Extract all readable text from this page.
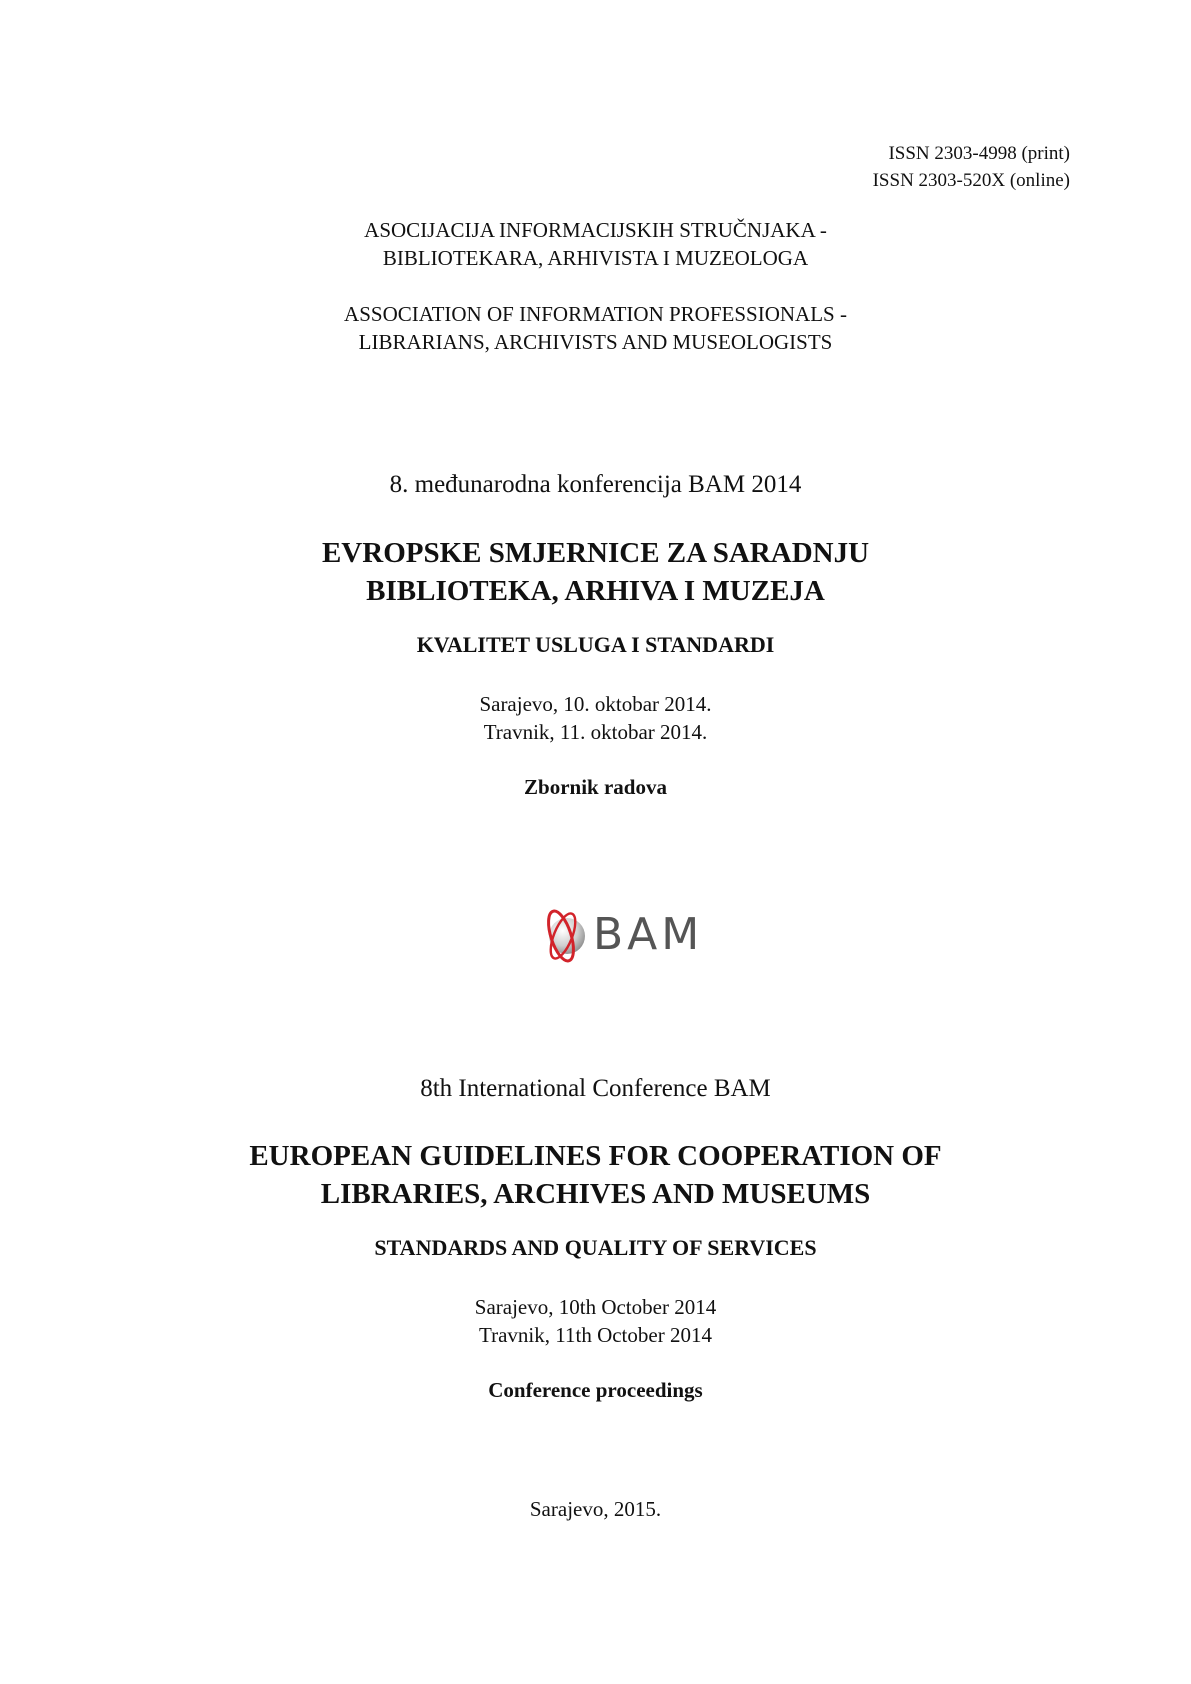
ISSN 2303-4998 (print)
ISSN 2303-520X (online)
ASOCIJACIJA INFORMACIJSKIH STRUČNJAKA -
BIBLIOTEKARA, ARHIVISTA I MUZEOLOGA
ASSOCIATION OF INFORMATION PROFESSIONALS -
LIBRARIANS, ARCHIVISTS AND MUSEOLOGISTS
8. međunarodna konferencija BAM 2014
EVROPSKE SMJERNICE ZA SARADNJU
BIBLIOTEKA, ARHIVA I MUZEJA
KVALITET USLUGA I STANDARDI
Sarajevo, 10. oktobar 2014.
Travnik, 11. oktobar 2014.
Zbornik radova
BAM
8th International Conference BAM
EUROPEAN GUIDELINES FOR COOPERATION OF
LIBRARIES, ARCHIVES AND MUSEUMS
STANDARDS AND QUALITY OF SERVICES
Sarajevo, 10th October 2014
Travnik, 11th October 2014
Conference proceedings
Sarajevo, 2015.
